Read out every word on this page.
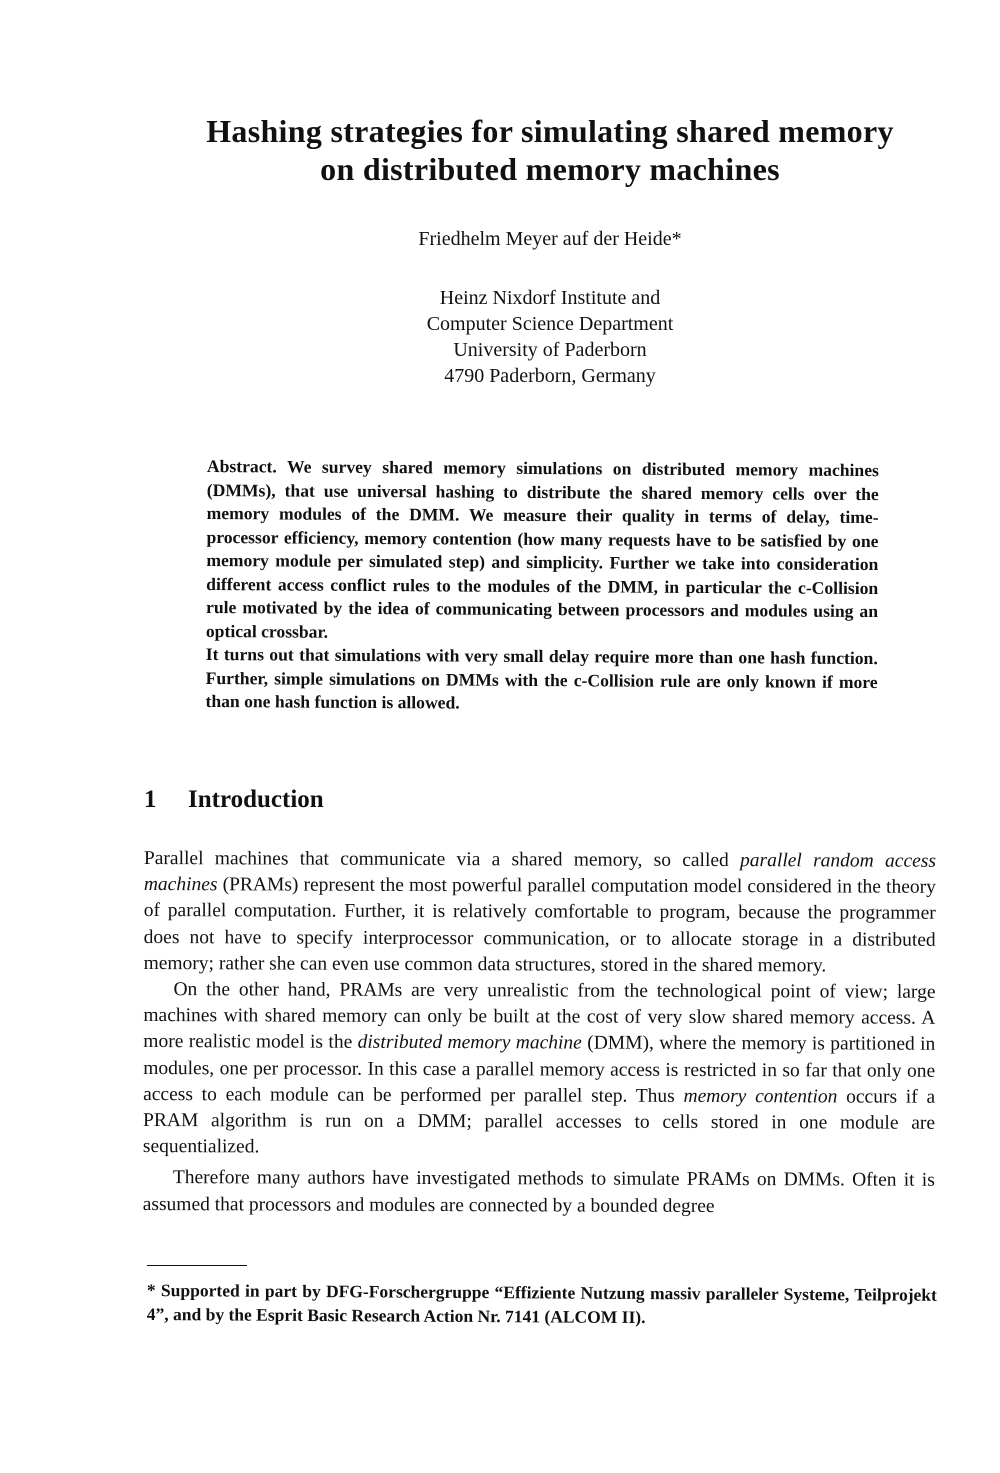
Hashing strategies for simulating shared memory
on distributed memory machines
Friedhelm Meyer auf der Heide*
Heinz Nixdorf Institute and
Computer Science Department
University of Paderborn
4790 Paderborn, Germany

Abstract. We survey shared memory simulations on distributed memory machines (DMMs), that use universal hashing to distribute the shared memory cells over the memory modules of the DMM. We measure their quality in terms of delay, time-processor efficiency, memory contention (how many requests have to be satisfied by one memory module per simulated step) and simplicity. Further we take into consideration different access conflict rules to the modules of the DMM, in particular the c-Collision rule motivated by the idea of communicating between processors and modules using an optical crossbar.

It turns out that simulations with very small delay require more than one hash function. Further, simple simulations on DMMs with the c-Collision rule are only known if more than one hash function is allowed.

1 Introduction

Parallel machines that communicate via a shared memory, so called parallel random access machines (PRAMs) represent the most powerful parallel computation model considered in the theory of parallel computation. Further, it is relatively comfortable to program, because the programmer does not have to specify interprocessor communication, or to allocate storage in a distributed memory; rather she can even use common data structures, stored in the shared memory.

On the other hand, PRAMs are very unrealistic from the technological point of view; large machines with shared memory can only be built at the cost of very slow shared memory access. A more realistic model is the distributed memory machine (DMM), where the memory is partitioned in modules, one per processor. In this case a parallel memory access is restricted in so far that only one access to each module can be performed per parallel step. Thus memory contention occurs if a PRAM algorithm is run on a DMM; parallel accesses to cells stored in one module are sequentialized.

Therefore many authors have investigated methods to simulate PRAMs on DMMs. Often it is assumed that processors and modules are connected by a bounded degree

* Supported in part by DFG-Forschergruppe “Effiziente Nutzung massiv paralleler Systeme, Teilprojekt 4”, and by the Esprit Basic Research Action Nr. 7141 (ALCOM II).
